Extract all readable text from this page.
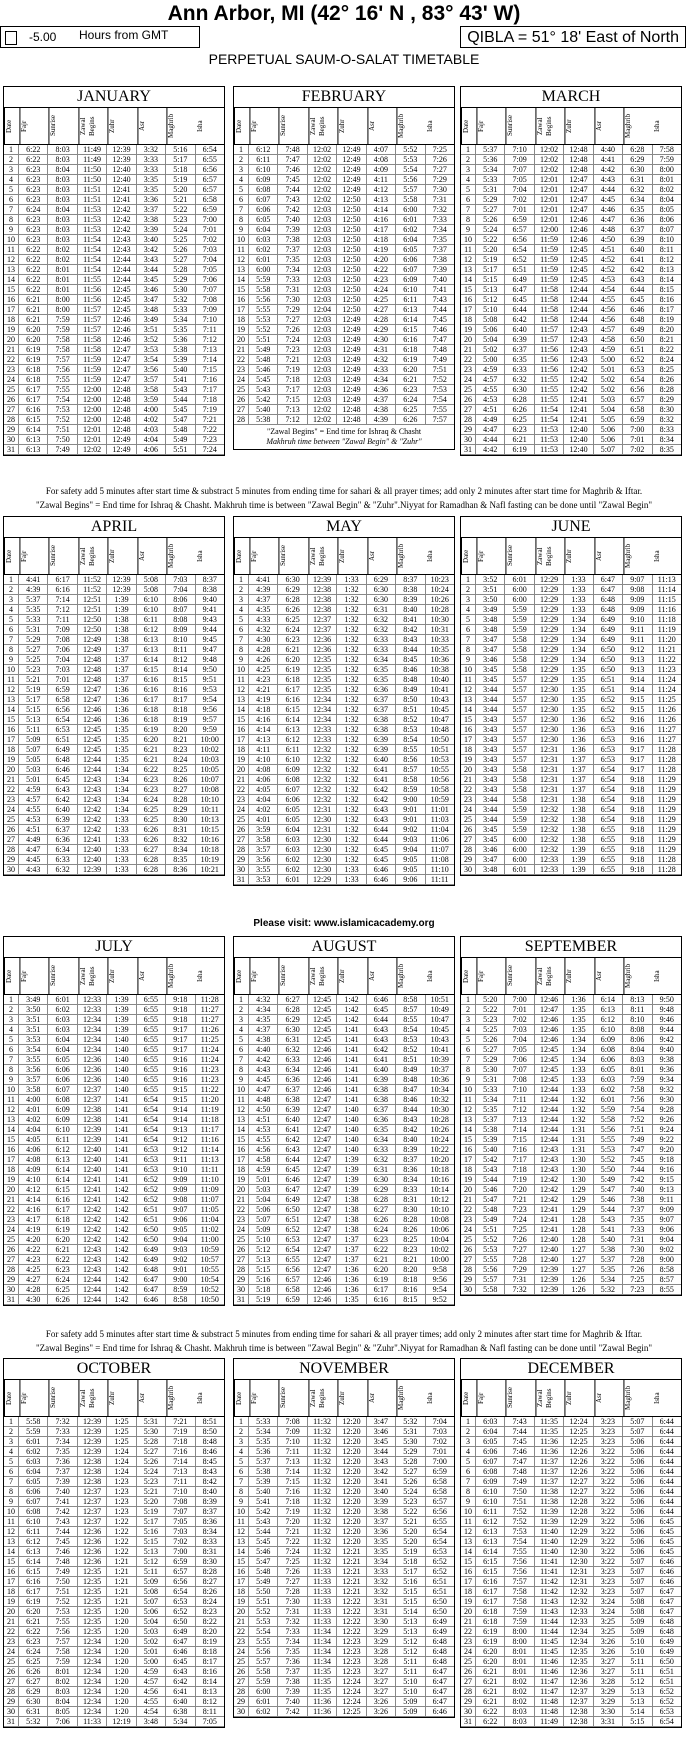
Ann Arbor, MI (42° 16' N , 83° 43' W)
-5.00 Hours from GMT	QIBLA = 51° 18' East of North
PERPETUAL SAUM-O-SALAT TIMETABLE
JANUARY
Date	Fajr	Sunrise	Zawal Begins	Zuhr	Asr	Maghrib	Isha
1	6:22	8:03	11:49	12:39	3:32	5:16	6:54
2	6:22	8:03	11:49	12:39	3:33	5:17	6:55
3	6:23	8:04	11:50	12:40	3:33	5:18	6:56
4	6:23	8:03	11:50	12:40	3:35	5:19	6:57
5	6:23	8:03	11:51	12:41	3:35	5:20	6:57
6	6:23	8:03	11:51	12:41	3:36	5:21	6:58
7	6:24	8:04	11:53	12:42	3:37	5:22	6:59
8	6:23	8:03	11:53	12:42	3:38	5:23	7:00
9	6:23	8:03	11:53	12:42	3:39	5:24	7:01
10	6:23	8:03	11:54	12:43	3:40	5:25	7:02
11	6:22	8:02	11:54	12:43	3:42	5:26	7:03
12	6:22	8:02	11:54	12:44	3:43	5:27	7:04
13	6:22	8:01	11:54	12:44	3:44	5:28	7:05
14	6:22	8:01	11:55	12:44	3:45	5:29	7:06
15	6:22	8:01	11:56	12:45	3:46	5:30	7:07
16	6:21	8:00	11:56	12:45	3:47	5:32	7:08
17	6:21	8:00	11:57	12:45	3:48	5:33	7:09
18	6:21	7:59	11:57	12:46	3:49	5:34	7:10
19	6:20	7:59	11:57	12:46	3:51	5:35	7:11
20	6:20	7:58	11:58	12:46	3:52	5:36	7:12
21	6:19	7:58	11:58	12:47	3:53	5:38	7:13
22	6:19	7:57	11:59	12:47	3:54	5:39	7:14
23	6:18	7:56	11:59	12:47	3:56	5:40	7:15
24	6:18	7:55	11:59	12:47	3:57	5:41	7:16
25	6:17	7:55	12:00	12:48	3:58	5:43	7:17
26	6:17	7:54	12:00	12:48	3:59	5:44	7:18
27	6:16	7:53	12:00	12:48	4:00	5:45	7:19
28	6:15	7:52	12:00	12:48	4:02	5:47	7:21
29	6:14	7:51	12:01	12:48	4:03	5:48	7:22
30	6:13	7:50	12:01	12:49	4:04	5:49	7:23
31	6:13	7:49	12:02	12:49	4:06	5:51	7:24
FEBRUARY
Date	Fajr	Sunrise	Zawal Begins	Zuhr	Asr	Maghrib	Isha
1	6:12	7:48	12:02	12:49	4:07	5:52	7:25
2	6:11	7:47	12:02	12:49	4:08	5:53	7:26
3	6:10	7:46	12:02	12:49	4:09	5:54	7:27
4	6:09	7:45	12:02	12:49	4:11	5:56	7:29
5	6:08	7:44	12:02	12:49	4:12	5:57	7:30
6	6:07	7:43	12:02	12:50	4:13	5:58	7:31
7	6:06	7:42	12:03	12:50	4:14	6:00	7:32
8	6:05	7:40	12:03	12:50	4:16	6:01	7:33
9	6:04	7:39	12:03	12:50	4:17	6:02	7:34
10	6:03	7:38	12:03	12:50	4:18	6:04	7:35
11	6:02	7:37	12:03	12:50	4:19	6:05	7:37
12	6:01	7:35	12:03	12:50	4:20	6:06	7:38
13	6:00	7:34	12:03	12:50	4:22	6:07	7:39
14	5:59	7:33	12:03	12:50	4:23	6:09	7:40
15	5:58	7:31	12:03	12:50	4:24	6:10	7:41
16	5:56	7:30	12:03	12:50	4:25	6:11	7:43
17	5:55	7:29	12:04	12:50	4:27	6:13	7:44
18	5:53	7:27	12:03	12:49	4:28	6:14	7:45
19	5:52	7:26	12:03	12:49	4:29	6:15	7:46
20	5:51	7:24	12:03	12:49	4:30	6:16	7:47
21	5:49	7:23	12:03	12:49	4:31	6:18	7:48
22	5:48	7:21	12:03	12:49	4:32	6:19	7:49
23	5:46	7:19	12:03	12:49	4:33	6:20	7:51
24	5:45	7:18	12:03	12:49	4:34	6:21	7:52
25	5:43	7:17	12:03	12:49	4:36	6:23	7:53
26	5:42	7:15	12:03	12:49	4:37	6:24	7:54
27	5:40	7:13	12:02	12:48	4:38	6:25	7:55
28	5:38	7:12	12:02	12:48	4:39	6:26	7:57
"Zawal Begins" = End time for Ishraq & Chasht
Makhruh time between "Zawal Begin" & "Zuhr"
MARCH
Date	Fajr	Sunrise	Zawal Begins	Zuhr	Asr	Maghrib	Isha
1	5:37	7:10	12:02	12:48	4:40	6:28	7:58
2	5:36	7:09	12:02	12:48	4:41	6:29	7:59
3	5:34	7:07	12:02	12:48	4:42	6:30	8:00
4	5:33	7:05	12:01	12:47	4:43	6:31	8:01
5	5:31	7:04	12:01	12:47	4:44	6:32	8:02
6	5:29	7:02	12:01	12:47	4:45	6:34	8:04
7	5:27	7:01	12:01	12:47	4:46	6:35	8:05
8	5:26	6:59	12:01	12:46	4:47	6:36	8:06
9	5:24	6:57	12:00	12:46	4:48	6:37	8:07
10	5:22	6:56	11:59	12:46	4:50	6:39	8:10
11	5:20	6:54	11:59	12:45	4:51	6:40	8:11
12	5:19	6:52	11:59	12:45	4:52	6:41	8:12
13	5:17	6:51	11:59	12:45	4:52	6:42	8:13
14	5:15	6:49	11:59	12:45	4:53	6:43	8:14
15	5:13	6:47	11:58	12:44	4:54	6:44	8:15
16	5:12	6:45	11:58	12:44	4:55	6:45	8:16
17	5:10	6:44	11:58	12:44	4:56	6:46	8:17
18	5:08	6:42	11:58	12:44	4:56	6:48	8:19
19	5:06	6:40	11:57	12:43	4:57	6:49	8:20
20	5:04	6:39	11:57	12:43	4:58	6:50	8:21
21	5:02	6:37	11:56	12:43	4:59	6:51	8:22
22	5:00	6:35	11:56	12:43	5:00	6:52	8:24
23	4:59	6:33	11:56	12:42	5:01	6:53	8:25
24	4:57	6:32	11:55	12:42	5:02	6:54	8:26
25	4:55	6:30	11:55	12:42	5:02	6:56	8:28
26	4:53	6:28	11:55	12:41	5:03	6:57	8:29
27	4:51	6:26	11:54	12:41	5:04	6:58	8:30
28	4:49	6:25	11:54	12:41	5:05	6:59	8:32
29	4:47	6:23	11:53	12:40	5:06	7:00	8:33
30	4:44	6:21	11:53	12:40	5:06	7:01	8:34
31	4:42	6:19	11:53	12:40	5:07	7:02	8:35
APRIL
Date	Fajr	Sunrise	Zawal Begins	Zuhr	Asr	Maghrib	Isha
1	4:41	6:17	11:52	12:39	5:08	7:03	8:37
2	4:39	6:16	11:52	12:39	5:08	7:04	8:38
3	5:37	7:14	12:51	1:39	6:10	8:06	9:40
4	5:35	7:12	12:51	1:39	6:10	8:07	9:41
5	5:33	7:11	12:50	1:38	6:11	8:08	9:43
6	5:31	7:09	12:50	1:38	6:12	8:09	9:44
7	5:29	7:08	12:49	1:38	6:13	8:10	9:45
8	5:27	7:06	12:49	1:37	6:13	8:11	9:47
9	5:25	7:04	12:48	1:37	6:14	8:12	9:48
10	5:23	7:03	12:48	1:37	6:15	8:14	9:50
11	5:21	7:01	12:48	1:37	6:16	8:15	9:51
12	5:19	6:59	12:47	1:36	6:16	8:16	9:53
13	5:17	6:58	12:47	1:36	6:17	8:17	9:54
14	5:15	6:56	12:46	1:36	6:18	8:18	9:56
15	5:13	6:54	12:46	1:36	6:18	8:19	9:57
16	5:11	6:53	12:45	1:35	6:19	8:20	9:59
17	5:09	6:51	12:45	1:35	6:20	8:21	10:00
18	5:07	6:49	12:45	1:35	6:21	8:23	10:02
19	5:05	6:48	12:44	1:35	6:21	8:24	10:03
20	5:03	6:46	12:44	1:34	6:22	8:25	10:05
21	5:01	6:45	12:43	1:34	6:23	8:26	10:07
22	4:59	6:43	12:43	1:34	6:23	8:27	10:08
23	4:57	6:42	12:43	1:34	6:24	8:28	10:10
24	4:55	6:40	12:42	1:34	6:25	8:29	10:11
25	4:53	6:39	12:42	1:33	6:25	8:30	10:13
26	4:51	6:37	12:42	1:33	6:26	8:31	10:15
27	4:49	6:36	12:41	1:33	6:26	8:32	10:16
28	4:47	6:34	12:40	1:33	6:27	8:34	10:18
29	4:45	6:33	12:40	1:33	6:28	8:35	10:19
30	4:43	6:32	12:39	1:33	6:28	8:36	10:21
MAY
Date	Fajr	Sunrise	Zawal Begins	Zuhr	Asr	Maghrib	Isha
1	4:41	6:30	12:39	1:33	6:29	8:37	10:23
2	4:39	6:29	12:38	1:32	6:30	8:38	10:24
3	4:37	6:28	12:38	1:32	6:30	8:39	10:26
4	4:35	6:26	12:38	1:32	6:31	8:40	10:28
5	4:33	6:25	12:37	1:32	6:32	8:41	10:30
6	4:32	6:24	12:37	1:32	6:32	8:42	10:31
7	4:30	6:23	12:36	1:32	6:33	8:43	10:33
8	4:28	6:21	12:36	1:32	6:33	8:44	10:35
9	4:26	6:20	12:35	1:32	6:34	8:45	10:36
10	4:25	6:19	12:35	1:32	6:35	8:46	10:38
11	4:23	6:18	12:35	1:32	6:35	8:48	10:40
12	4:21	6:17	12:35	1:32	6:36	8:49	10:41
13	4:19	6:16	12:34	1:32	6:37	8:50	10:43
14	4:18	6:15	12:34	1:32	6:37	8:51	10:45
15	4:16	6:14	12:34	1:32	6:38	8:52	10:47
16	4:14	6:13	12:33	1:32	6:38	8:53	10:48
17	4:13	6:12	12:33	1:32	6:39	8:54	10:50
18	4:11	6:11	12:32	1:32	6:39	8:55	10:51
19	4:10	6:10	12:32	1:32	6:40	8:56	10:53
20	4:08	6:09	12:32	1:32	6:41	8:57	10:55
21	4:06	6:08	12:32	1:32	6:41	8:58	10:56
22	4:05	6:07	12:32	1:32	6:42	8:59	10:58
23	4:04	6:06	12:32	1:32	6:42	9:00	10:59
24	4:02	6:05	12:31	1:32	6:43	9:01	11:01
25	4:01	6:05	12:30	1:32	6:43	9:01	11:03
26	3:59	6:04	12:31	1:32	6:44	9:02	11:04
27	3:58	6:03	12:30	1:32	6:44	9:03	11:06
28	3:57	6:03	12:30	1:32	6:45	9:04	11:07
29	3:56	6:02	12:30	1:32	6:45	9:05	11:08
30	3:55	6:02	12:30	1:33	6:46	9:05	11:10
31	3:53	6:01	12:29	1:33	6:46	9:06	11:11
JUNE
Date	Fajr	Sunrise	Zawal Begins	Zuhr	Asr	Maghrib	Isha
1	3:52	6:01	12:29	1:33	6:47	9:07	11:13
2	3:51	6:00	12:29	1:33	6:47	9:08	11:14
3	3:50	6:00	12:29	1:33	6:48	9:09	11:15
4	3:49	5:59	12:29	1:33	6:48	9:09	11:16
5	3:48	5:59	12:29	1:34	6:49	9:10	11:18
6	3:48	5:59	12:29	1:34	6:49	9:11	11:19
7	3:47	5:58	12:29	1:34	6:49	9:11	11:20
8	3:47	5:58	12:29	1:34	6:50	9:12	11:21
9	3:46	5:58	12:29	1:34	6:50	9:13	11:22
10	3:45	5:58	12:29	1:35	6:50	9:13	11:23
11	3:45	5:57	12:29	1:35	6:51	9:14	11:24
12	3:44	5:57	12:30	1:35	6:51	9:14	11:24
13	3:44	5:57	12:30	1:35	6:52	9:15	11:25
14	3:44	5:57	12:30	1:35	6:52	9:15	11:26
15	3:43	5:57	12:30	1:36	6:52	9:16	11:26
16	3:43	5:57	12:30	1:36	6:53	9:16	11:27
17	3:43	5:57	12:30	1:36	6:53	9:16	11:27
18	3:43	5:57	12:31	1:36	6:53	9:17	11:28
19	3:43	5:57	12:31	1:37	6:53	9:17	11:28
20	3:43	5:58	12:31	1:37	6:54	9:17	11:28
21	3:43	5:58	12:31	1:37	6:54	9:18	11:29
22	3:43	5:58	12:31	1:37	6:54	9:18	11:29
23	3:44	5:58	12:31	1:38	6:54	9:18	11:29
24	3:44	5:59	12:32	1:38	6:54	9:18	11:29
25	3:44	5:59	12:32	1:38	6:54	9:18	11:29
26	3:45	5:59	12:32	1:38	6:55	9:18	11:29
27	3:45	6:00	12:32	1:38	6:55	9:18	11:29
28	3:46	6:00	12:32	1:39	6:55	9:18	11:29
29	3:47	6:00	12:33	1:39	6:55	9:18	11:28
30	3:48	6:01	12:33	1:39	6:55	9:18	11:28
JULY
Date	Fajr	Sunrise	Zawal Begins	Zuhr	Asr	Maghrib	Isha
1	3:49	6:01	12:33	1:39	6:55	9:18	11:28
2	3:50	6:02	12:33	1:39	6:55	9:18	11:27
3	3:51	6:03	12:34	1:39	6:55	9:18	11:27
4	3:51	6:03	12:34	1:39	6:55	9:17	11:26
5	3:53	6:04	12:34	1:40	6:55	9:17	11:25
6	3:54	6:04	12:34	1:40	6:55	9:17	11:24
7	3:55	6:05	12:36	1:40	6:55	9:16	11:24
8	3:56	6:06	12:36	1:40	6:55	9:16	11:23
9	3:57	6:06	12:36	1:40	6:55	9:16	11:23
10	3:58	6:07	12:37	1:40	6:55	9:15	11:22
11	4:00	6:08	12:37	1:41	6:54	9:15	11:20
12	4:01	6:09	12:38	1:41	6:54	9:14	11:19
13	4:02	6:09	12:38	1:41	6:54	9:14	11:18
14	4:04	6:10	12:39	1:41	6:54	9:13	11:17
15	4:05	6:11	12:39	1:41	6:54	9:12	11:16
16	4:06	6:12	12:40	1:41	6:53	9:12	11:14
17	4:08	6:13	12:40	1:41	6:53	9:11	11:13
18	4:09	6:14	12:40	1:41	6:53	9:10	11:11
19	4:10	6:14	12:41	1:41	6:52	9:09	11:10
20	4:12	6:15	12:41	1:42	6:52	9:09	11:09
21	4:14	6:16	12:41	1:42	6:52	9:08	11:07
22	4:16	6:17	12:42	1:42	6:51	9:07	11:05
23	4:17	6:18	12:42	1:42	6:51	9:06	11:04
24	4:19	6:19	12:42	1:42	6:50	9:05	11:02
25	4:20	6:20	12:42	1:42	6:50	9:04	11:00
26	4:22	6:21	12:43	1:42	6:49	9:03	10:59
27	4:23	6:22	12:43	1:42	6:49	9:02	10:57
28	4:25	6:23	12:43	1:42	6:48	9:01	10:55
29	4:27	6:24	12:44	1:42	6:47	9:00	10:54
30	4:28	6:25	12:44	1:42	6:47	8:59	10:52
31	4:30	6:26	12:44	1:42	6:46	8:58	10:50
AUGUST
Date	Fajr	Sunrise	Zawal Begins	Zuhr	Asr	Maghrib	Isha
1	4:32	6:27	12:45	1:42	6:46	8:58	10:51
2	4:34	6:28	12:45	1:42	6:45	8:57	10:49
3	4:35	6:29	12:45	1:42	6:44	8:55	10:47
4	4:37	6:30	12:45	1:41	6:43	8:54	10:45
5	4:38	6:31	12:45	1:41	6:43	8:53	10:43
6	4:40	6:32	12:46	1:41	6:42	8:52	10:41
7	4:42	6:33	12:46	1:41	6:41	8:51	10:39
8	4:43	6:34	12:46	1:41	6:40	8:49	10:37
9	4:45	6:36	12:46	1:41	6:39	8:48	10:36
10	4:47	6:37	12:46	1:41	6:38	8:47	10:34
11	4:48	6:38	12:47	1:41	6:38	8:46	10:32
12	4:50	6:39	12:47	1:40	6:37	8:44	10:30
13	4:51	6:40	12:47	1:40	6:36	8:43	10:28
14	4:53	6:41	12:47	1:40	6:35	8:42	10:26
15	4:55	6:42	12:47	1:40	6:34	8:40	10:24
16	4:56	6:43	12:47	1:40	6:33	8:39	10:22
17	4:58	6:44	12:47	1:39	6:32	8:37	10:20
18	4:59	6:45	12:47	1:39	6:31	8:36	10:18
19	5:01	6:46	12:47	1:39	6:30	8:34	10:16
20	5:03	6:47	12:47	1:39	6:29	8:33	10:14
21	5:04	6:49	12:47	1:38	6:28	8:31	10:12
22	5:06	6:50	12:47	1:38	6:27	8:30	10:10
23	5:07	6:51	12:47	1:38	6:26	8:28	10:08
24	5:09	6:52	12:47	1:38	6:24	8:26	10:06
25	5:10	6:53	12:47	1:37	6:23	8:25	10:04
26	5:12	6:54	12:47	1:37	6:22	8:23	10:02
27	5:13	6:55	12:47	1:37	6:21	8:21	10:00
28	5:15	6:56	12:47	1:36	6:20	8:20	9:58
29	5:16	6:57	12:46	1:36	6:19	8:18	9:56
30	5:18	6:58	12:46	1:36	6:17	8:16	9:54
31	5:19	6:59	12:46	1:35	6:16	8:15	9:52
SEPTEMBER
Date	Fajr	Sunrise	Zawal Begins	Zuhr	Asr	Maghrib	Isha
1	5:20	7:00	12:46	1:36	6:14	8:13	9:50
2	5:22	7:01	12:47	1:35	6:13	8:11	9:48
3	5:23	7:02	12:46	1:35	6:12	8:10	9:46
4	5:25	7:03	12:46	1:35	6:10	8:08	9:44
5	5:26	7:04	12:46	1:34	6:09	8:06	9:42
6	5:27	7:05	12:45	1:34	6:08	8:04	9:40
7	5:29	7:06	12:45	1:34	6:06	8:03	9:38
8	5:30	7:07	12:45	1:33	6:05	8:01	9:36
9	5:31	7:08	12:45	1:33	6:03	7:59	9:34
10	5:33	7:10	12:44	1:33	6:02	7:58	9:32
11	5:34	7:11	12:44	1:32	6:01	7:56	9:30
12	5:35	7:12	12:44	1:32	5:59	7:54	9:28
13	5:37	7:13	12:44	1:32	5:58	7:52	9:26
14	5:38	7:14	12:44	1:31	5:56	7:51	9:24
15	5:39	7:15	12:44	1:31	5:55	7:49	9:22
16	5:40	7:16	12:43	1:31	5:53	7:47	9:20
17	5:42	7:17	12:43	1:30	5:52	7:45	9:18
18	5:43	7:18	12:43	1:30	5:50	7:44	9:16
19	5:44	7:19	12:42	1:30	5:49	7:42	9:15
20	5:46	7:20	12:42	1:29	5:47	7:40	9:13
21	5:47	7:21	12:42	1:29	5:46	7:38	9:11
22	5:48	7:23	12:41	1:29	5:44	7:37	9:09
23	5:49	7:24	12:41	1:28	5:43	7:35	9:07
24	5:51	7:25	12:41	1:28	5:41	7:33	9:06
25	5:52	7:26	12:40	1:28	5:40	7:31	9:04
26	5:53	7:27	12:40	1:27	5:38	7:30	9:02
27	5:55	7:28	12:40	1:27	5:37	7:28	9:00
28	5:56	7:29	12:39	1:27	5:35	7:26	8:58
29	5:57	7:31	12:39	1:26	5:34	7:25	8:57
30	5:58	7:32	12:39	1:26	5:32	7:23	8:55
OCTOBER
Date	Fajr	Sunrise	Zawal Begins	Zuhr	Asr	Maghrib	Isha
1	5:58	7:32	12:39	1:25	5:31	7:21	8:51
2	5:59	7:33	12:39	1:25	5:30	7:19	8:50
3	6:01	7:34	12:39	1:25	5:28	7:18	8:48
4	6:02	7:35	12:39	1:24	5:27	7:16	8:46
5	6:03	7:36	12:38	1:24	5:26	7:14	8:45
6	6:04	7:37	12:38	1:24	5:24	7:13	8:43
7	6:05	7:39	12:38	1:23	5:23	7:11	8:42
8	6:06	7:40	12:37	1:23	5:21	7:10	8:40
9	6:07	7:41	12:37	1:23	5:20	7:08	8:39
10	6:08	7:42	12:37	1:23	5:19	7:07	8:37
11	6:10	7:43	12:37	1:22	5:17	7:05	8:36
12	6:11	7:44	12:36	1:22	5:16	7:03	8:34
13	6:12	7:45	12:36	1:22	5:15	7:02	8:33
14	6:13	7:46	12:36	1:22	5:13	7:00	8:31
15	6:14	7:48	12:36	1:21	5:12	6:59	8:30
16	6:15	7:49	12:35	1:21	5:11	6:57	8:28
17	6:16	7:50	12:35	1:21	5:09	6:56	8:27
18	6:17	7:51	12:35	1:21	5:08	6:54	8:26
19	6:19	7:52	12:35	1:21	5:07	6:53	8:24
20	6:20	7:53	12:35	1:20	5:06	6:52	8:23
21	6:21	7:55	12:35	1:20	5:04	6:50	8:22
22	6:22	7:56	12:35	1:20	5:03	6:49	8:20
23	6:23	7:57	12:34	1:20	5:02	6:47	8:19
24	6:24	7:58	12:34	1:20	5:01	6:46	8:18
25	6:25	7:59	12:34	1:20	5:00	6:45	8:17
26	6:26	8:01	12:34	1:20	4:59	6:43	8:16
27	6:27	8:02	12:34	1:20	4:57	6:42	8:14
28	6:29	8:03	12:34	1:20	4:56	6:41	8:13
29	6:30	8:04	12:34	1:20	4:55	6:40	8:12
30	6:31	8:05	12:34	1:20	4:54	6:38	8:11
31	5:32	7:06	11:33	12:19	3:48	5:34	7:05
NOVEMBER
Date	Fajr	Sunrise	Zawal Begins	Zuhr	Asr	Maghrib	Isha
1	5:33	7:08	11:32	12:20	3:47	5:32	7:04
2	5:34	7:09	11:32	12:20	3:46	5:31	7:03
3	5:35	7:10	11:32	12:20	3:45	5:30	7:02
4	5:36	7:11	11:32	12:20	3:44	5:29	7:01
5	5:37	7:13	11:32	12:20	3:43	5:28	7:00
6	5:38	7:14	11:32	12:20	3:42	5:27	6:59
7	5:39	7:15	11:32	12:20	3:41	5:26	6:58
8	5:40	7:16	11:32	12:20	3:40	5:24	6:58
9	5:41	7:18	11:32	12:20	3:39	5:23	6:57
10	5:42	7:19	11:32	12:20	3:38	5:22	6:56
11	5:43	7:20	11:32	12:20	3:37	5:21	6:55
12	5:44	7:21	11:32	12:20	3:36	5:20	6:54
13	5:45	7:22	11:32	12:20	3:35	5:20	6:54
14	5:46	7:24	11:32	12:21	3:35	5:19	6:53
15	5:47	7:25	11:32	12:21	3:34	5:18	6:52
16	5:48	7:26	11:33	12:21	3:33	5:17	6:52
17	5:49	7:27	11:33	12:21	3:32	5:16	6:51
18	5:50	7:28	11:33	12:21	3:32	5:15	6:51
19	5:51	7:30	11:33	12:22	3:31	5:15	6:50
20	5:52	7:31	11:33	12:22	3:31	5:14	6:50
21	5:53	7:32	11:33	12:22	3:30	5:13	6:49
22	5:54	7:33	11:34	12:22	3:29	5:13	6:49
23	5:55	7:34	11:34	12:23	3:29	5:12	6:48
24	5:56	7:35	11:34	12:23	3:28	5:12	6:48
25	5:57	7:36	11:34	12:23	3:28	5:11	6:48
26	5:58	7:37	11:35	12:23	3:27	5:11	6:47
27	5:59	7:38	11:35	12:24	3:27	5:10	6:47
28	6:00	7:39	11:35	12:24	3:27	5:10	6:47
29	6:01	7:40	11:36	12:24	3:26	5:09	6:47
30	6:02	7:42	11:36	12:25	3:26	5:09	6:46
DECEMBER
Date	Fajr	Sunrise	Zawal Begins	Zuhr	Asr	Maghrib	Isha
1	6:03	7:43	11:35	12:24	3:23	5:07	6:44
2	6:04	7:44	11:35	12:25	3:23	5:07	6:44
3	6:05	7:45	11:36	12:25	3:23	5:06	6:44
4	6:06	7:46	11:36	12:26	3:22	5:06	6:44
5	6:07	7:47	11:37	12:26	3:22	5:06	6:44
6	6:08	7:48	11:37	12:26	3:22	5:06	6:44
7	6:09	7:49	11:37	12:27	3:22	5:06	6:44
8	6:10	7:50	11:38	12:27	3:22	5:06	6:44
9	6:10	7:51	11:38	12:28	3:22	5:06	6:44
10	6:11	7:52	11:39	12:28	3:22	5:06	6:44
11	6:12	7:52	11:39	12:29	3:22	5:06	6:45
12	6:13	7:53	11:40	12:29	3:22	5:06	6:45
13	6:13	7:54	11:40	12:29	3:22	5:06	6:45
14	6:14	7:55	11:40	12:30	3:22	5:06	6:45
15	6:15	7:56	11:41	12:30	3:22	5:07	6:46
16	6:15	7:56	11:41	12:31	3:23	5:07	6:46
17	6:16	7:57	11:42	12:31	3:23	5:07	6:46
18	6:17	7:58	11:42	12:32	3:23	5:07	6:47
19	6:17	7:58	11:43	12:32	3:24	5:08	6:47
20	6:18	7:59	11:43	12:33	3:24	5:08	6:47
21	6:18	7:59	11:44	12:33	3:25	5:09	6:48
22	6:19	8:00	11:44	12:34	3:25	5:09	6:48
23	6:19	8:00	11:45	12:34	3:26	5:10	6:49
24	6:20	8:01	11:45	12:35	3:26	5:10	6:49
25	6:20	8:01	11:46	12:35	3:27	5:11	6:50
26	6:21	8:01	11:46	12:36	3:27	5:11	6:51
27	6:21	8:02	11:47	12:36	3:28	5:12	6:51
28	6:21	8:02	11:47	12:37	3:29	5:13	6:52
29	6:21	8:02	11:48	12:37	3:29	5:13	6:52
30	6:22	8:03	11:48	12:38	3:30	5:14	6:53
31	6:22	8:03	11:49	12:38	3:31	5:15	6:54
For safety add 5 minutes after start time & substract 5 minutes from ending time for sahari & all prayer times; add only 2 minutes after start time for Maghrib & Iftar.
"Zawal Begins" = End time for Ishraq & Chasht. Makhruh time is between "Zawal Begin" & "Zuhr".Niyyat for Ramadhan & Nafl fasting can be done until "Zawal Begin"
Please visit: www.islamicacademy.org
For safety add 5 minutes after start time & substract 5 minutes from ending time for sahari & all prayer times; add only 2 minutes after start time for Maghrib & Iftar.
"Zawal Begins" = End time for Ishraq & Chasht. Makhruh time is between "Zawal Begin" & "Zuhr".Niyyat for Ramadhan & Nafl fasting can be done until "Zawal Begin"
